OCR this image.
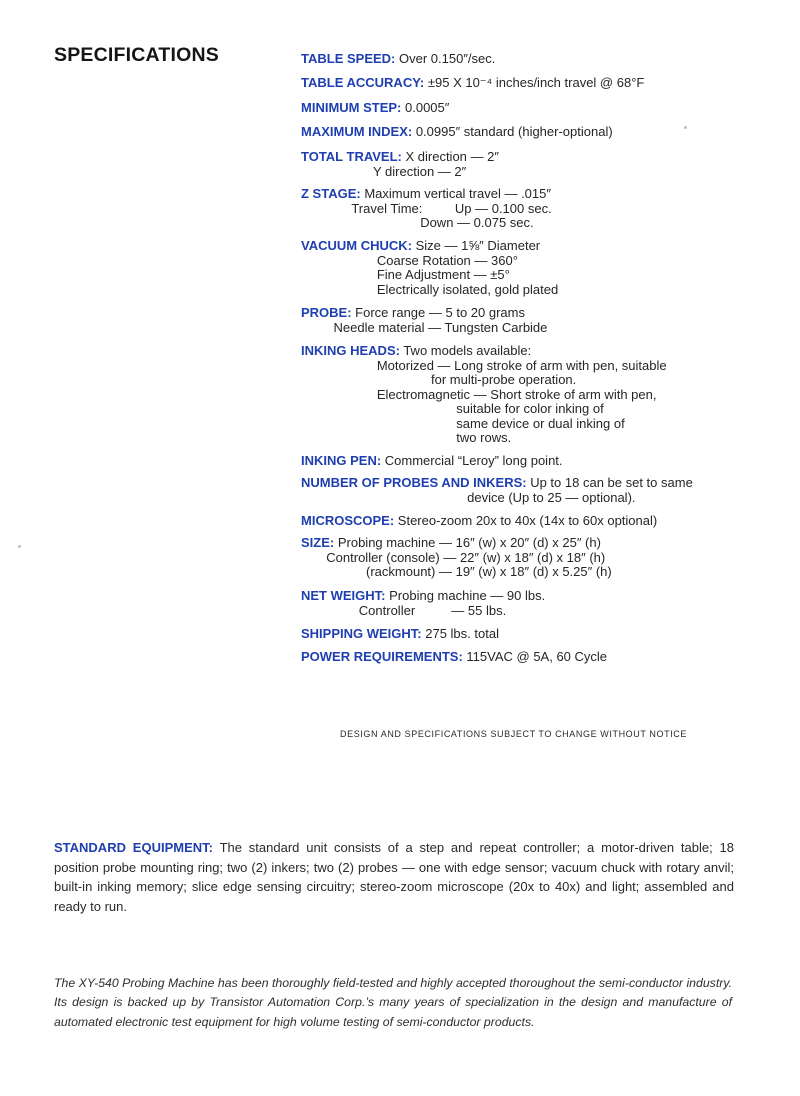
SPECIFICATIONS	TABLE SPEED: Over 0.150″/sec.
TABLE ACCURACY: ±95 X 10⁻⁴ inches/inch travel @ 68°F
MINIMUM STEP: 0.0005″
MAXIMUM INDEX: 0.0995″ standard (higher-optional)
TOTAL TRAVEL: X direction — 2″
Y direction — 2″
Z STAGE: Maximum vertical travel — .015″
Travel Time:         Up — 0.100 sec.
Down — 0.075 sec.
VACUUM CHUCK: Size — 1⅝″ Diameter
Coarse Rotation — 360°
Fine Adjustment — ±5°
Electrically isolated, gold plated
PROBE: Force range — 5 to 20 grams
Needle material — Tungsten Carbide
INKING HEADS: Two models available:
Motorized — Long stroke of arm with pen, suitable
for multi-probe operation.
Electromagnetic — Short stroke of arm with pen,
suitable for color inking of
same device or dual inking of
two rows.
INKING PEN: Commercial “Leroy” long point.
NUMBER OF PROBES AND INKERS: Up to 18 can be set to same
device (Up to 25 — optional).
MICROSCOPE: Stereo-zoom 20x to 40x (14x to 60x optional)
SIZE: Probing machine — 16″ (w) x 20″ (d) x 25″ (h)
Controller (console) — 22″ (w) x 18″ (d) x 18″ (h)
(rackmount) — 19″ (w) x 18″ (d) x 5.25″ (h)
NET WEIGHT: Probing machine — 90 lbs.
Controller          — 55 lbs.
SHIPPING WEIGHT: 275 lbs. total
POWER REQUIREMENTS: 115VAC @ 5A, 60 Cycle
DESIGN AND SPECIFICATIONS SUBJECT TO CHANGE WITHOUT NOTICE
STANDARD EQUIPMENT: The standard unit consists of a step and repeat controller; a motor-driven table; 18 position probe mounting ring; two (2) inkers; two (2) probes — one with edge sensor; vacuum chuck with rotary anvil; built-in inking memory; slice edge sensing circuitry; stereo-zoom microscope (20x to 40x) and light; assembled and ready to run.
The XY-540 Probing Machine has been thoroughly field-tested and highly accepted thoroughout the semi-conductor industry. Its design is backed up by Transistor Automation Corp.’s many years of specialization in the design and manufacture of automated electronic test equipment for high volume testing of semi-conductor products.
